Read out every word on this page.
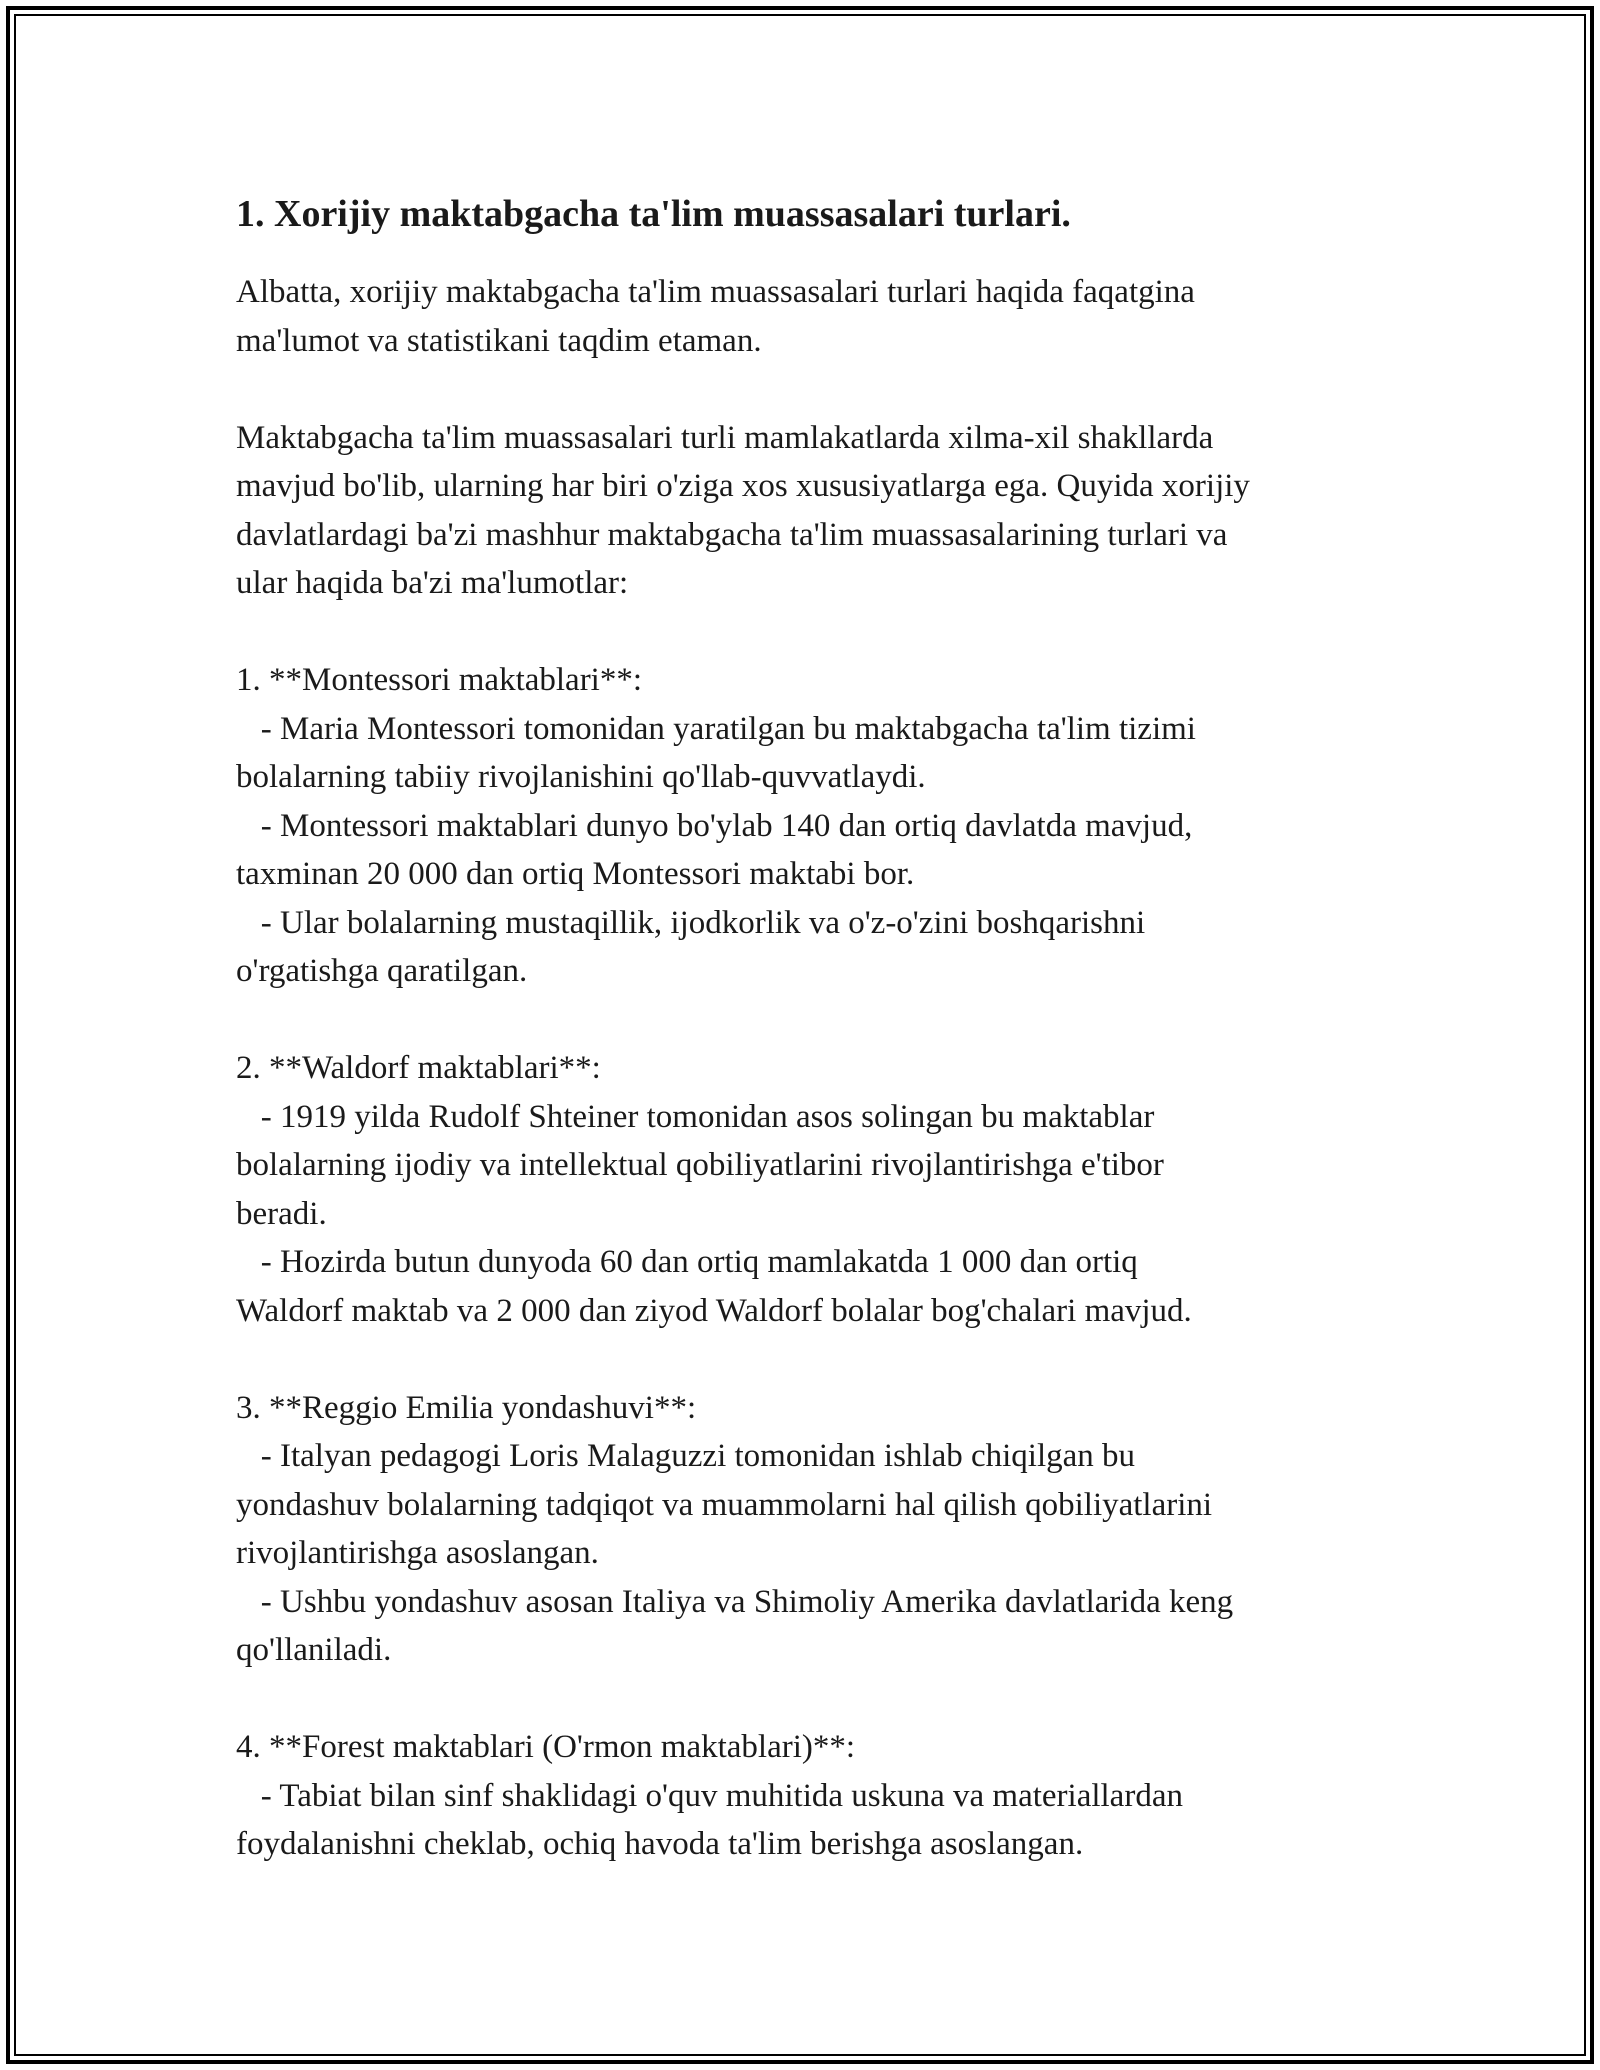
1. Xorijiy maktabgacha ta'lim muassasalari turlari.

Albatta, xorijiy maktabgacha ta'lim muassasalari turlari haqida faqatgina
ma'lumot va statistikani taqdim etaman.

Maktabgacha ta'lim muassasalari turli mamlakatlarda xilma-xil shakllarda
mavjud bo'lib, ularning har biri o'ziga xos xususiyatlarga ega. Quyida xorijiy
davlatlardagi ba'zi mashhur maktabgacha ta'lim muassasalarining turlari va
ular haqida ba'zi ma'lumotlar:

1. **Montessori maktablari**:

- Maria Montessori tomonidan yaratilgan bu maktabgacha ta'lim tizimi
bolalarning tabiiy rivojlanishini qo'llab-quvvatlaydi.
- Montessori maktablari dunyo bo'ylab 140 dan ortiq davlatda mavjud,
taxminan 20 000 dan ortiq Montessori maktabi bor.
- Ular bolalarning mustaqillik, ijodkorlik va o'z-o'zini boshqarishni
o'rgatishga qaratilgan.

2. **Waldorf maktablari**:

- 1919 yilda Rudolf Shteiner tomonidan asos solingan bu maktablar
bolalarning ijodiy va intellektual qobiliyatlarini rivojlantirishga e'tibor
beradi.
- Hozirda butun dunyoda 60 dan ortiq mamlakatda 1 000 dan ortiq
Waldorf maktab va 2 000 dan ziyod Waldorf bolalar bog'chalari mavjud.

3. **Reggio Emilia yondashuvi**:

- Italyan pedagogi Loris Malaguzzi tomonidan ishlab chiqilgan bu
yondashuv bolalarning tadqiqot va muammolarni hal qilish qobiliyatlarini
rivojlantirishga asoslangan.
- Ushbu yondashuv asosan Italiya va Shimoliy Amerika davlatlarida keng
qo'llaniladi.

4. **Forest maktablari (O'rmon maktablari)**:

- Tabiat bilan sinf shaklidagi o'quv muhitida uskuna va materiallardan
foydalanishni cheklab, ochiq havoda ta'lim berishga asoslangan.
